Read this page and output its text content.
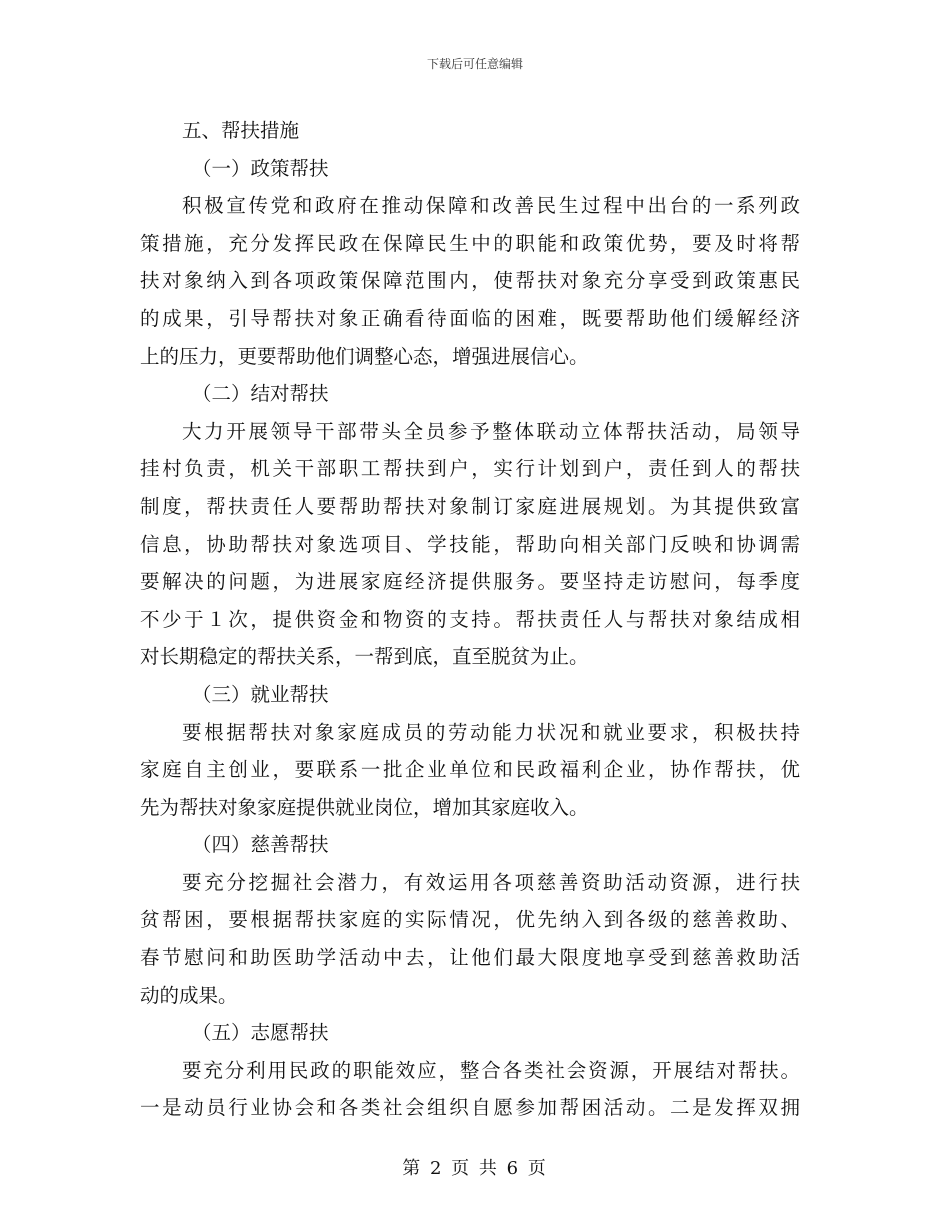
下载后可任意编辑
五、帮扶措施
（一）政策帮扶
积极宣传党和政府在推动保障和改善民生过程中出台的一系列政
策措施，充分发挥民政在保障民生中的职能和政策优势，要及时将帮
扶对象纳入到各项政策保障范围内，使帮扶对象充分享受到政策惠民
的成果，引导帮扶对象正确看待面临的困难，既要帮助他们缓解经济
上的压力，更要帮助他们调整心态，增强进展信心。
（二）结对帮扶
大力开展领导干部带头全员参予整体联动立体帮扶活动，局领导
挂村负责，机关干部职工帮扶到户，实行计划到户，责任到人的帮扶
制度，帮扶责任人要帮助帮扶对象制订家庭进展规划。为其提供致富
信息，协助帮扶对象选项目、学技能，帮助向相关部门反映和协调需
要解决的问题，为进展家庭经济提供服务。要坚持走访慰问，每季度
不少于１次，提供资金和物资的支持。帮扶责任人与帮扶对象结成相
对长期稳定的帮扶关系，一帮到底，直至脱贫为止。
（三）就业帮扶
要根据帮扶对象家庭成员的劳动能力状况和就业要求，积极扶持
家庭自主创业，要联系一批企业单位和民政福利企业，协作帮扶，优
先为帮扶对象家庭提供就业岗位，增加其家庭收入。
（四）慈善帮扶
要充分挖掘社会潜力，有效运用各项慈善资助活动资源，进行扶
贫帮困，要根据帮扶家庭的实际情况，优先纳入到各级的慈善救助、
春节慰问和助医助学活动中去，让他们最大限度地享受到慈善救助活
动的成果。
（五）志愿帮扶
要充分利用民政的职能效应，整合各类社会资源，开展结对帮扶。
一是动员行业协会和各类社会组织自愿参加帮困活动。二是发挥双拥
第 2 页 共 6 页
